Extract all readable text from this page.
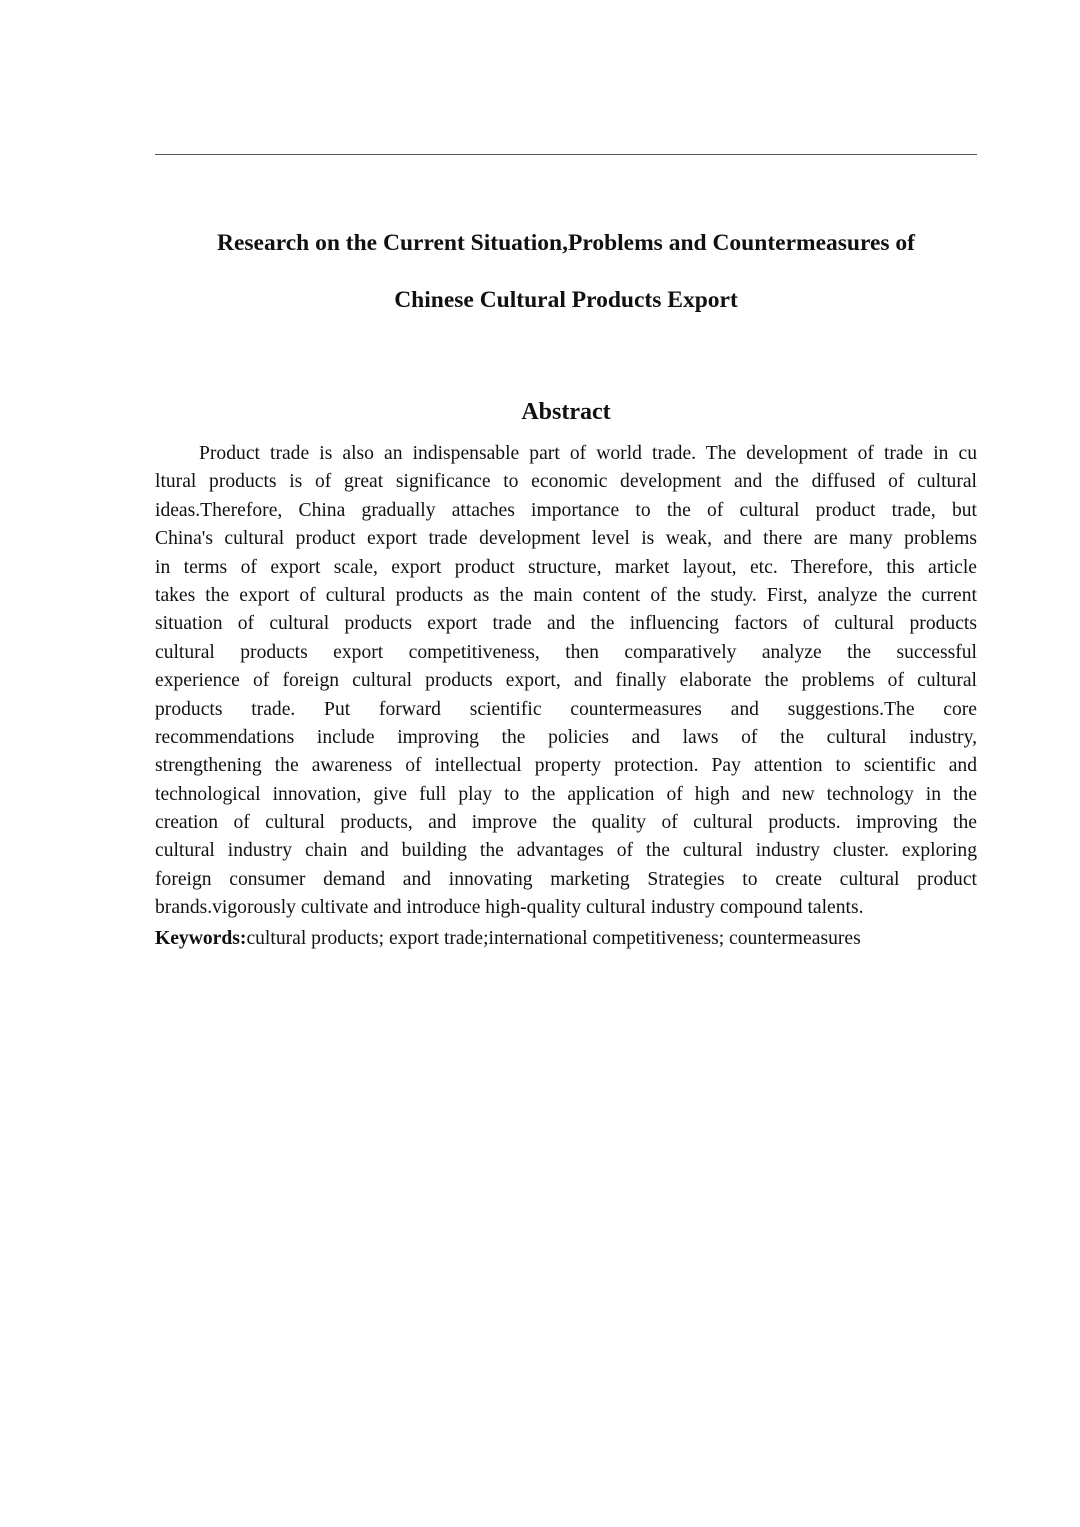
Research on the Current Situation,Problems and Countermeasures of
Chinese Cultural Products Export
Abstract
Product trade is also an indispensable part of world trade. The development of trade in cu
ltural products is of great significance to economic development and the diffused of cultural
ideas.Therefore, China gradually attaches importance to the of cultural product trade, but
China's cultural product export trade development level is weak, and there are many problems
in terms of export scale, export product structure, market layout, etc. Therefore, this article
takes the export of cultural products as the main content of the study. First, analyze the current
situation of cultural products export trade and the influencing factors of cultural products
cultural products export competitiveness, then comparatively analyze the successful
experience of foreign cultural products export, and finally elaborate the problems of cultural
products trade. Put forward scientific countermeasures and suggestions.The core
recommendations include improving the policies and laws of the cultural industry,
strengthening the awareness of intellectual property protection. Pay attention to scientific and
technological innovation, give full play to the application of high and new technology in the
creation of cultural products, and improve the quality of cultural products. improving the
cultural industry chain and building the advantages of the cultural industry cluster. exploring
foreign consumer demand and innovating marketing Strategies to create cultural product
brands.vigorously cultivate and introduce high-quality cultural industry compound talents.
Keywords:cultural products; export trade;international competitiveness; countermeasures
